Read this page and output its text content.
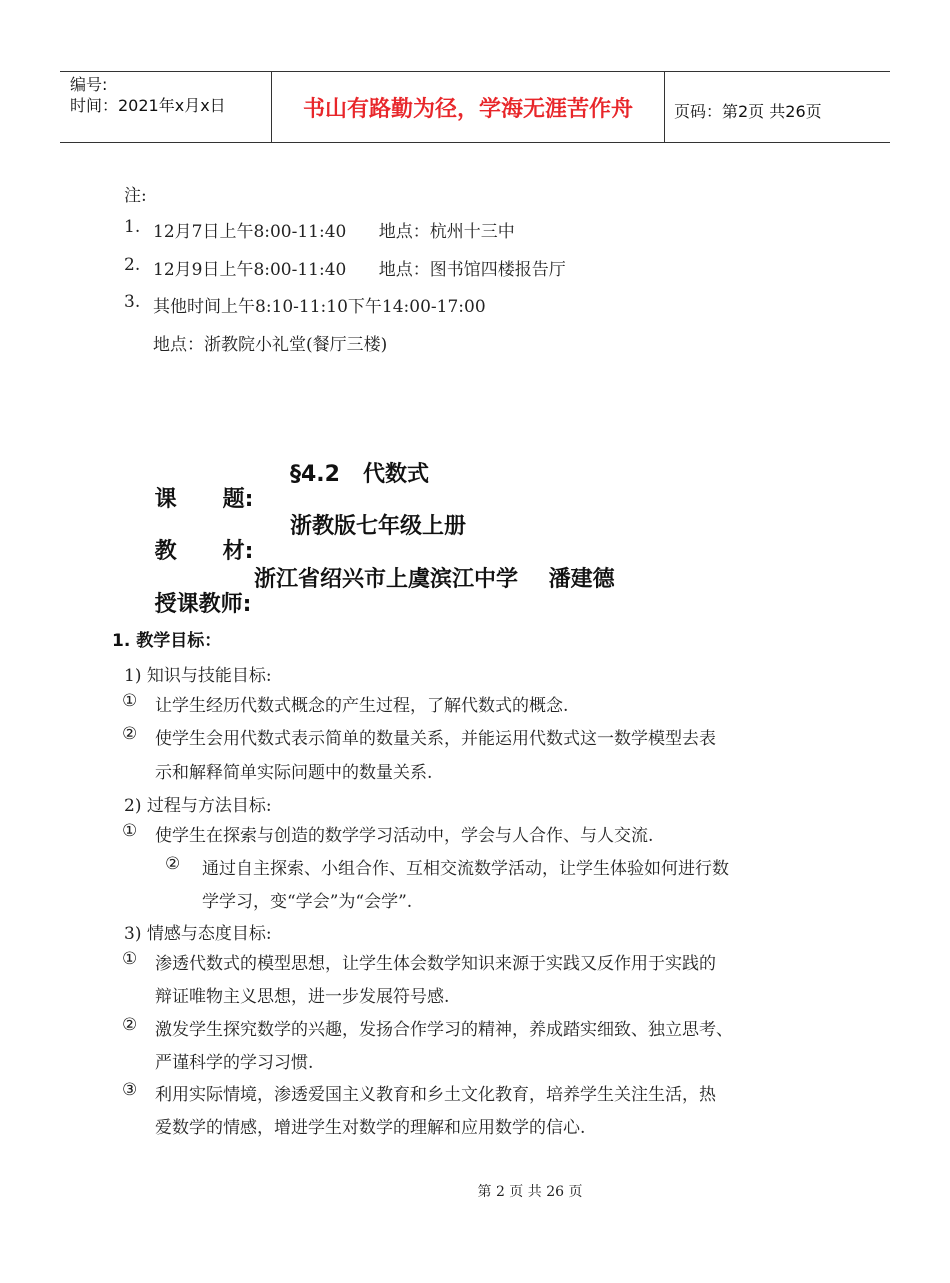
编号:
时间：2021年x月x日	书山有路勤为径，学海无涯苦作舟	页码：第2页 共26页
注:
1. 12月7日上午8:00-11:40      地点：杭州十三中
2. 12月9日上午8:00-11:40      地点：图书馆四楼报告厅
3. 其他时间上午8:10-11:10下午14:00-17:00
地点：浙教院小礼堂(餐厅三楼)

课      题:

§4.2   代数式

教      材:

浙教版七年级上册

授课教师:

浙江省绍兴市上虞滨江中学    潘建德

1. 教学目标：
1) 知识与技能目标:
① 让学生经历代数式概念的产生过程，了解代数式的概念.
② 使学生会用代数式表示简单的数量关系，并能运用代数式这一数学模型去表
示和解释简单实际问题中的数量关系.
2) 过程与方法目标:
① 使学生在探索与创造的数学学习活动中，学会与人合作、与人交流.
② 通过自主探索、小组合作、互相交流数学活动，让学生体验如何进行数
学学习，变“学会”为“会学”.
3) 情感与态度目标:
① 渗透代数式的模型思想，让学生体会数学知识来源于实践又反作用于实践的
辩证唯物主义思想，进一步发展符号感.
② 激发学生探究数学的兴趣，发扬合作学习的精神，养成踏实细致、独立思考、
严谨科学的学习习惯.
③ 利用实际情境，渗透爱国主义教育和乡土文化教育，培养学生关注生活，热
爱数学的情感，增进学生对数学的理解和应用数学的信心.
第 2 页 共 26 页
